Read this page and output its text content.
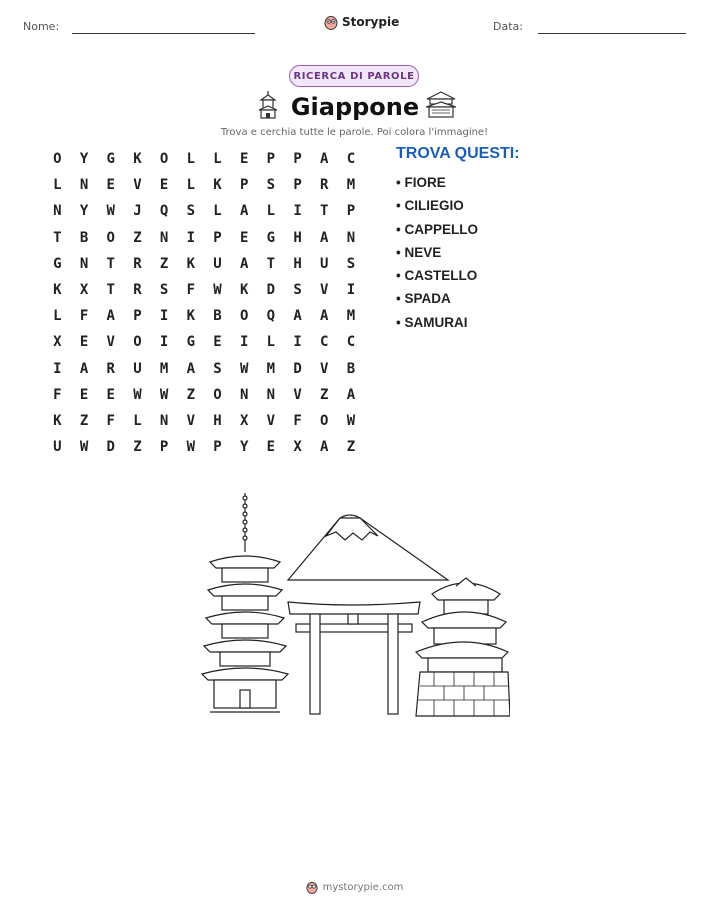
Nome:	Storypie	Data:
RICERCA DI PAROLE
Giappone
Trova e cerchia tutte le parole. Poi colora l'immagine!
O	Y	G	K	O	L	L	E	P	P	A	C
L	N	E	V	E	L	K	P	S	P	R	M
N	Y	W	J	Q	S	L	A	L	I	T	P
T	B	O	Z	N	I	P	E	G	H	A	N
G	N	T	R	Z	K	U	A	T	H	U	S
K	X	T	R	S	F	W	K	D	S	V	I
L	F	A	P	I	K	B	O	Q	A	A	M
X	E	V	O	I	G	E	I	L	I	C	C
I	A	R	U	M	A	S	W	M	D	V	B
F	E	E	W	W	Z	O	N	N	V	Z	A
K	Z	F	L	N	V	H	X	V	F	O	W
U	W	D	Z	P	W	P	Y	E	X	A	Z
TROVA QUESTI:
• FIORE
• CILIEGIO
• CAPPELLO
• NEVE
• CASTELLO
• SPADA
• SAMURAI
mystorypie.com
